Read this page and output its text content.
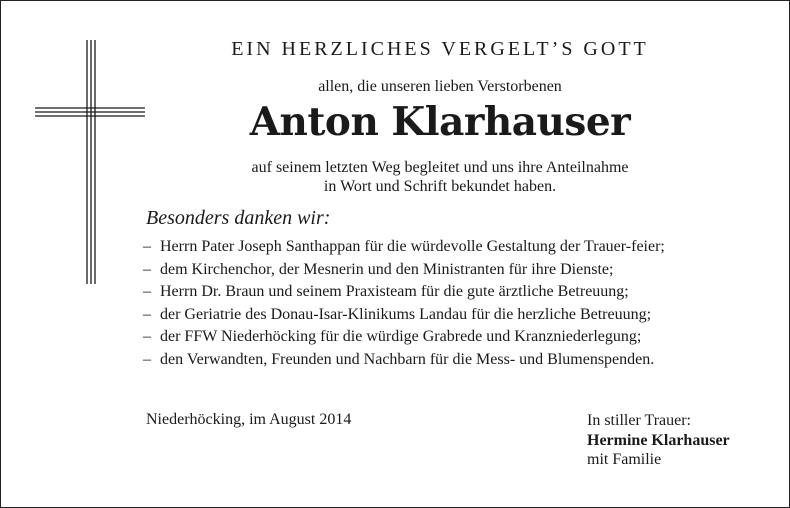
EIN HERZLICHES VERGELT’S GOTT
allen, die unseren lieben Verstorbenen
Anton Klarhauser
auf seinem letzten Weg begleitet und uns ihre Anteilnahme
in Wort und Schrift bekundet haben.
Besonders danken wir:
– Herrn Pater Joseph Santhappan für die würdevolle Gestaltung der Trauer-feier;
– dem Kirchenchor, der Mesnerin und den Ministranten für ihre Dienste;
– Herrn Dr. Braun und seinem Praxisteam für die gute ärztliche Betreuung;
– der Geriatrie des Donau-Isar-Klinikums Landau für die herzliche Betreuung;
– der FFW Niederhöcking für die würdige Grabrede und Kranzniederlegung;
– den Verwandten, Freunden und Nachbarn für die Mess- und Blumenspenden.
Niederhöcking, im August 2014	In stiller Trauer:
Hermine Klarhauser
mit Familie
